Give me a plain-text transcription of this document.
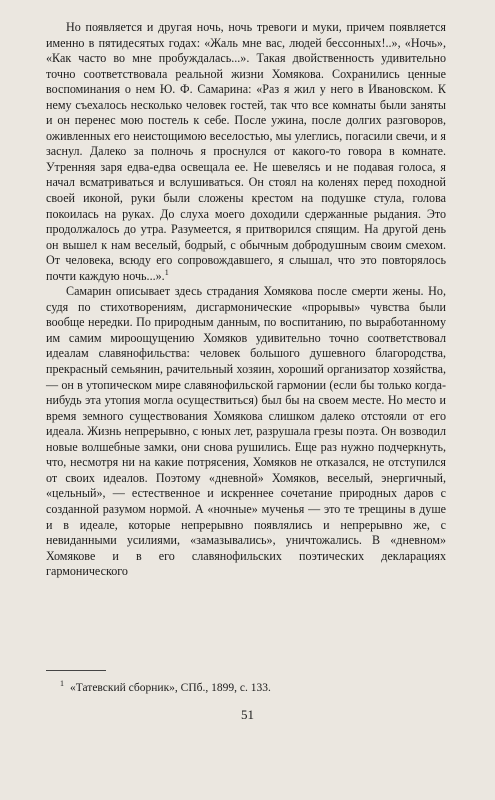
Но появляется и другая ночь, ночь тревоги и муки, причем появляется именно в пятидесятых годах: «Жаль мне вас, людей бессонных!..», «Ночь», «Как часто во мне пробуждалась...». Такая двойственность удивительно точно соответствовала реальной жизни Хомякова. Сохранились ценные воспоминания о нем Ю. Ф. Самарина: «Раз я жил у него в Ивановском. К нему съехалось несколько человек гостей, так что все комнаты были заняты и он перенес мою постель к себе. После ужина, после долгих разговоров, оживленных его неистощимою веселостью, мы улеглись, погасили свечи, и я заснул. Далеко за полночь я проснулся от какого-то говора в комнате. Утренняя заря едва-едва освещала ее. Не шевелясь и не подавая голоса, я начал всматриваться и вслушиваться. Он стоял на коленях перед походной своей иконой, руки были сложены крестом на подушке стула, голова покоилась на руках. До слуха моего доходили сдержанные рыдания. Это продолжалось до утра. Разумеется, я притворился спящим. На другой день он вышел к нам веселый, бодрый, с обычным добродушным своим смехом. От человека, всюду его сопровождавшего, я слышал, что это повторялось почти каждую ночь...».$^1$

Самарин описывает здесь страдания Хомякова после смерти жены. Но, судя по стихотворениям, дисгармонические «прорывы» чувства были вообще нередки. По природным данным, по воспитанию, по выработанному им самим мироощущению Хомяков удивительно точно соответствовал идеалам славянофильства: человек большого душевного благородства, прекрасный семьянин, рачительный хозяин, хороший организатор хозяйства, — он в утопическом мире славянофильской гармонии (если бы только когда-нибудь эта утопия могла осуществиться) был бы на своем месте. Но место и время земного существования Хомякова слишком далеко отстояли от его идеала. Жизнь непрерывно, с юных лет, разрушала грезы поэта. Он возводил новые волшебные замки, они снова рушились. Еще раз нужно подчеркнуть, что, несмотря ни на какие потрясения, Хомяков не отказался, не отступился от своих идеалов. Поэтому «дневной» Хомяков, веселый, энергичный, «цельный», — естественное и искреннее сочетание природных даров с созданной разумом нормой. А «ночные» мученья — это те трещины в душе и в идеале, которые непрерывно появлялись и непрерывно же, с невиданными усилиями, «замазывались», уничтожались. В «дневном» Хомякове и в его славянофильских поэтических декларациях гармонического

$^1$ «Татевский сборник», СПб., 1899, с. 133.

51
